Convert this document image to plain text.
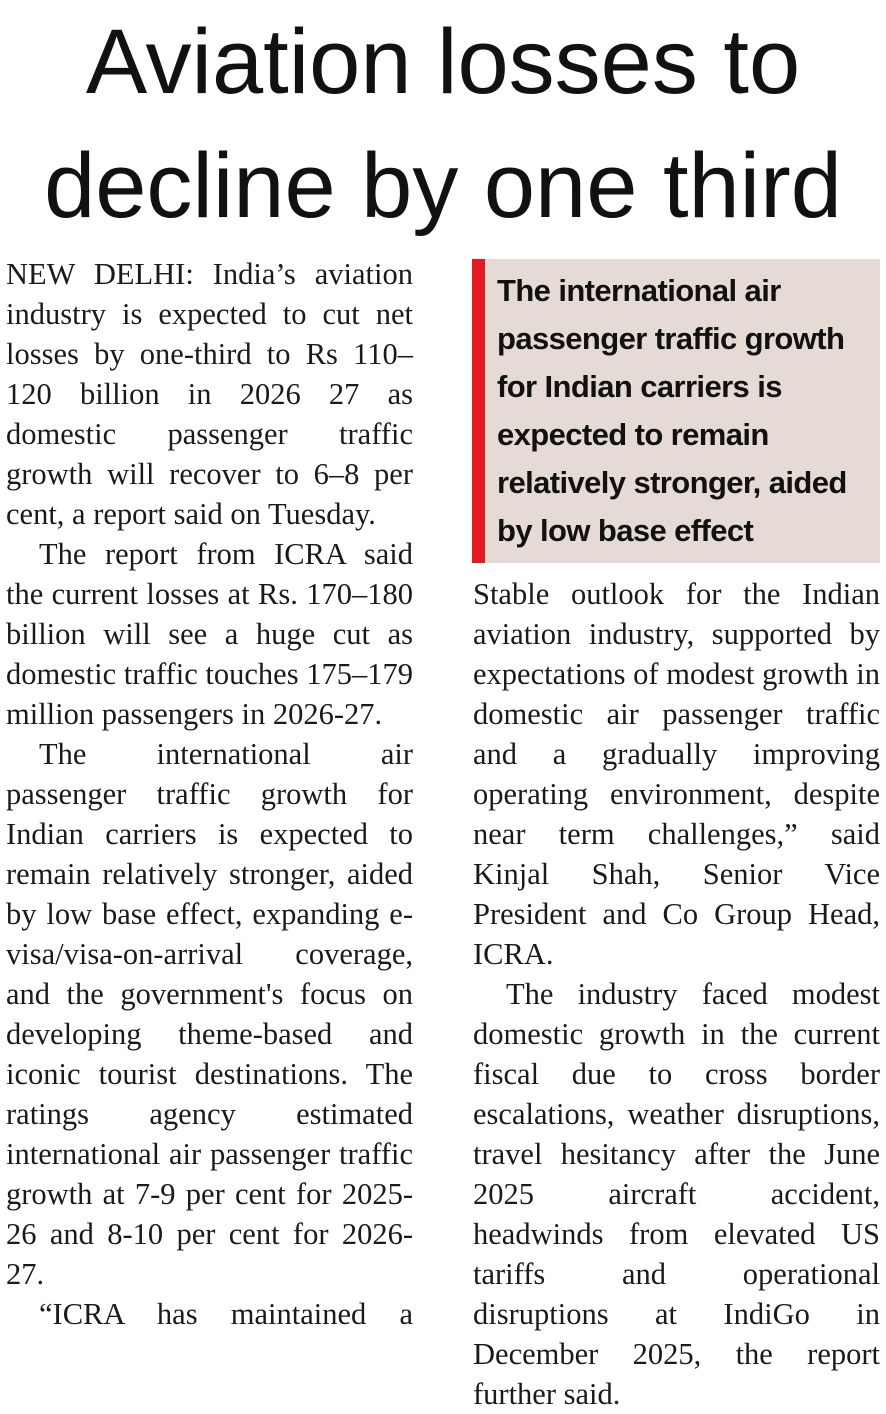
Aviation losses to
decline by one third

NEW DELHI: India’s aviation industry is expected to cut net losses by one-third to Rs 110–120 billion in 2026 27 as domestic passenger traffic growth will recover to 6–8 per cent, a report said on Tuesday.

The report from ICRA said the current losses at Rs. 170–180 billion will see a huge cut as domestic traffic touches 175–179 million passengers in 2026-27.

The international air passenger traffic growth for Indian carriers is expected to remain relatively stronger, aided by low base effect, expanding e-visa/visa-on-arrival coverage, and the government's focus on developing theme-based and iconic tourist destinations. The ratings agency estimated international air passenger traffic growth at 7-9 per cent for 2025-26 and 8-10 per cent for 2026-27.

“ICRA has maintained a

The international air passenger traffic growth for Indian carriers is expected to remain relatively stronger, aided by low base effect

Stable outlook for the Indian aviation industry, supported by expectations of modest growth in domestic air passenger traffic and a gradually improving operating environment, despite near term challenges,” said Kinjal Shah, Senior Vice President and Co Group Head, ICRA.

The industry faced modest domestic growth in the current fiscal due to cross border escalations, weather disruptions, travel hesitancy after the June 2025 aircraft accident, headwinds from elevated US tariffs and operational disruptions at IndiGo in December 2025, the report further said.
